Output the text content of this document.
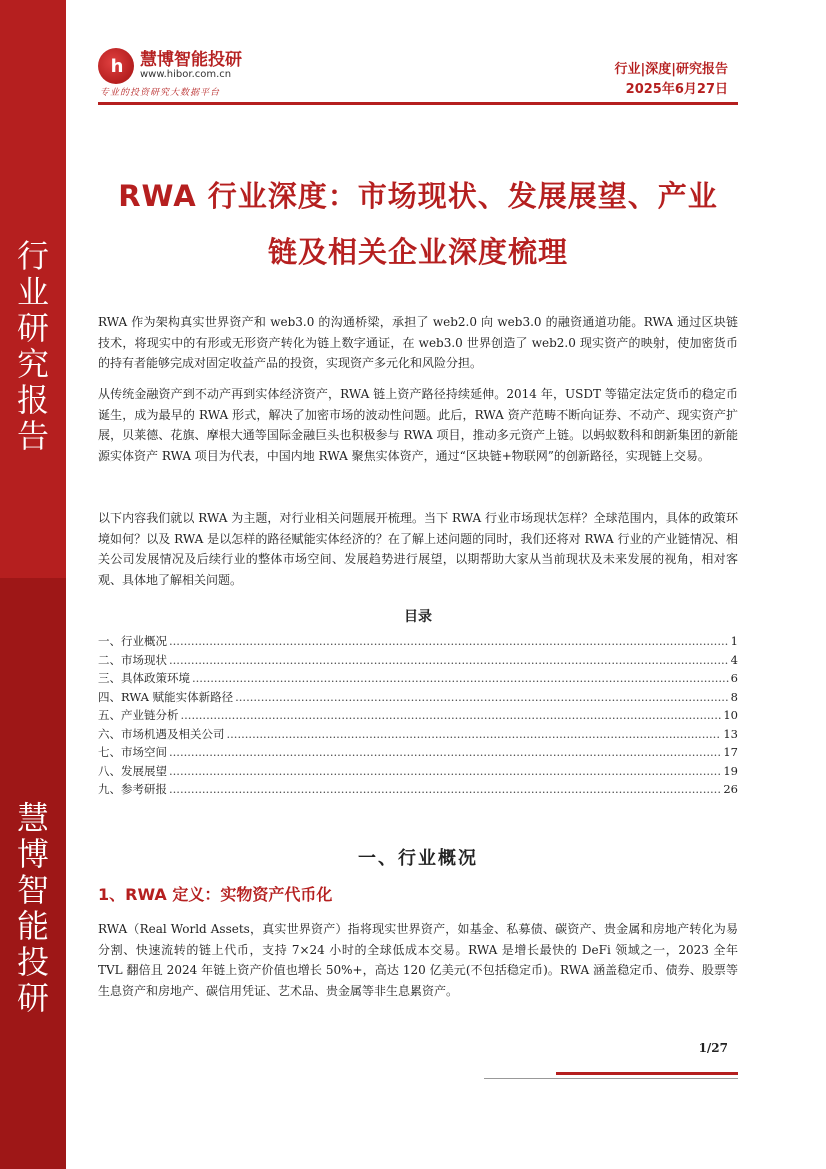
行
业
研
究
报
告
慧
博
智
能
投
研
h	慧博智能投研
www.hibor.com.cn
专业的投资研究大数据平台
行业|深度|研究报告
2025年6月27日
RWA 行业深度：市场现状、发展展望、产业
链及相关企业深度梳理

RWA 作为架构真实世界资产和 web3.0 的沟通桥梁，承担了 web2.0 向 web3.0 的融资通道功能。RWA 通过区块链技术，将现实中的有形或无形资产转化为链上数字通证，在 web3.0 世界创造了 web2.0 现实资产的映射，使加密货币的持有者能够完成对固定收益产品的投资，实现资产多元化和风险分担。

从传统金融资产到不动产再到实体经济资产，RWA 链上资产路径持续延伸。2014 年，USDT 等锚定法定货币的稳定币诞生，成为最早的 RWA 形式，解决了加密市场的波动性问题。此后，RWA 资产范畴不断向证券、不动产、现实资产扩展，贝莱德、花旗、摩根大通等国际金融巨头也积极参与 RWA 项目，推动多元资产上链。以蚂蚁数科和朗新集团的新能源实体资产 RWA 项目为代表，中国内地 RWA 聚焦实体资产，通过“区块链+物联网”的创新路径，实现链上交易。

以下内容我们就以 RWA 为主题，对行业相关问题展开梳理。当下 RWA 行业市场现状怎样？全球范围内，具体的政策环境如何？以及 RWA 是以怎样的路径赋能实体经济的？在了解上述问题的同时，我们还将对 RWA 行业的产业链情况、相关公司发展情况及后续行业的整体市场空间、发展趋势进行展望，以期帮助大家从当前现状及未来发展的视角，相对客观、具体地了解相关问题。

目录
一、行业概况 .....	1
二、市场现状 .....	4
三、具体政策环境 .....	6
四、RWA 赋能实体新路径 .....	8
五、产业链分析 .....	10
六、市场机遇及相关公司 .....	13
七、市场空间 .....	17
八、发展展望 .....	19
九、参考研报 .....	26
一、行业概况
1、RWA 定义：实物资产代币化

RWA（Real World Assets，真实世界资产）指将现实世界资产，如基金、私募债、碳资产、贵金属和房地产转化为易分割、快速流转的链上代币，支持 7×24 小时的全球低成本交易。RWA 是增长最快的 DeFi 领域之一，2023 全年 TVL 翻倍且 2024 年链上资产价值也增长 50%+，高达 120 亿美元(不包括稳定币)。RWA 涵盖稳定币、债券、股票等生息资产和房地产、碳信用凭证、艺术品、贵金属等非生息累资产。

1/27
